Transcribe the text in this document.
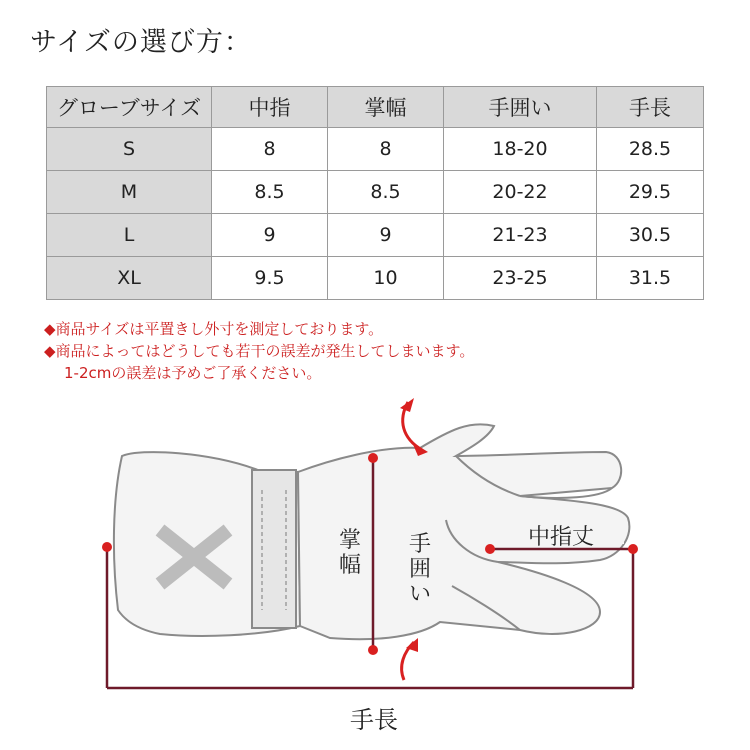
サイズの選び方：
グローブサイズ	中指	掌幅	手囲い	手長
S	8	8	18-20	28.5
M	8.5	8.5	20-22	29.5
L	9	9	21-23	30.5
XL	9.5	10	23-25	31.5
◆商品サイズは平置きし外寸を測定しております。
◆商品によってはどうしても若干の誤差が発生してしまいます。
1-2cmの誤差は予めご了承ください。
中指丈
掌
幅
手
囲
い
手長
